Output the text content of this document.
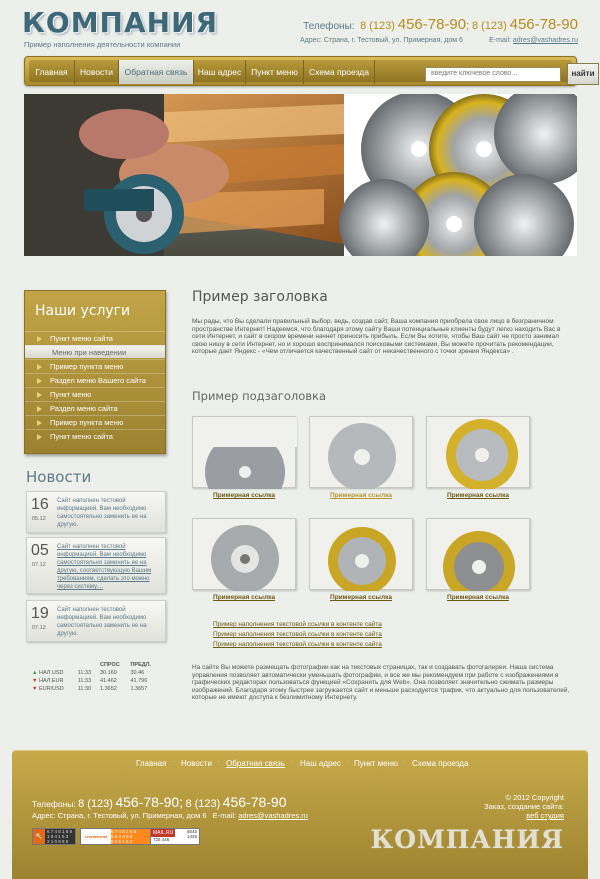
КОМПАНИЯ
Пример наполнения деятельности компании
Телефоны: 8 (123) 456-78-90; 8 (123) 456-78-90
Адрес: Страна, г. Тестовый, ул. Примерная, дом 6	E-mail: adres@vashadres.ru
Главная	Новости	Обратная связь	Наш адрес	Пункт меню	Схема проезда	введите ключевое слово...	найти
Наши услуги
Пункт меню сайта
Меню при наведении
Пример пункта меню
Раздел меню Вашего сайта
Пункт меню
Раздел меню сайта
Пример пункта меню
Пункт меню сайта
Новости
16
05.12
Сайт наполнен тестовой информацией. Вам необходимо самостоятельно заменить ее на другую.
05
07.12
Сайт наполнен тестовой информацией. Вам необходимо самостоятельно заменить ее на другую, соответствующую Вашим требованиям, сделать это можно через систему....
19
07.12
Сайт наполнен тестовой информацией. Вам необходимо самостоятельно заменить ее на другую.
		СПРОС	ПРЕДЛ.
▲ НАЛ.USD	11:33	30.169	30.46
▼ НАЛ.EUR	11:33	41.462	41.796
▼ EUR/USD	11:30	1.3652	1.3657
Пример заголовка
Мы рады, что Вы сделали правильный выбор, ведь, создав сайт, Ваша компания приобрела свое лицо в безграничном пространстве Интернет! Надеемся, что благодаря этому сайту Ваши потенциальные клиенты будут легко находить Вас в сети Интернет, и сайт в скором времени начнет приносить прибыль. Если Вы хотите, чтобы Ваш сайт не просто занимал свою нишу в сети Интернет, но и хорошо воспринимался поисковыми системами, Вы можете прочитать рекомендации, которые дает Яндекс - «Чем отличается качественный сайт от некачественного с точки зрения Яндекса» .
Пример подзаголовка
Примерная ссылка	Примерная ссылка	Примерная ссылка
Примерная ссылка	Примерная ссылка	Примерная ссылка
Пример наполнения текстовой ссылки в контенте сайта
Пример наполнения текстовой ссылки в контенте сайта
Пример наполнения текстовой ссылки в контенте сайта
На сайте Вы можете размещать фотографии как на текстовых страницах, так и создавать фотогалереи. Наша система управления позволяет автоматически уменьшать фотографии, и все же мы рекомендуем при работе с изображениями в графических редакторах пользоваться функцией «Сохранить для Web». Она позволяет значительно сжимать размеры изображений. Благодаря этому быстрее загружается сайт и меньше расходуется трафик, что актуально для пользователей, которые не имеют доступа к безлимитному Интернету.
Главная · Новости · Обратная связь · Наш адрес · Пункт меню · Схема проезда
Телефоны: 8 (123) 456-78-90; 8 (123) 456-78-90
Адрес: Страна, г. Тестовый, ул. Примерная, дом 6 E-mail: adres@vashadres.ru
© 2012 Copyright
Заказ, создание сайта:
веб студия
КОМПАНИЯ
↖ 6 7 4 8 1 8 8
1 0 4 1 5 3
2 1 0 8 8 5
LiveInternet
6 7 4 8 1 8 8
8 8 4 4 0 8
9 4 5 1 5 3
MAIL.RU	5645
1425
725 446
